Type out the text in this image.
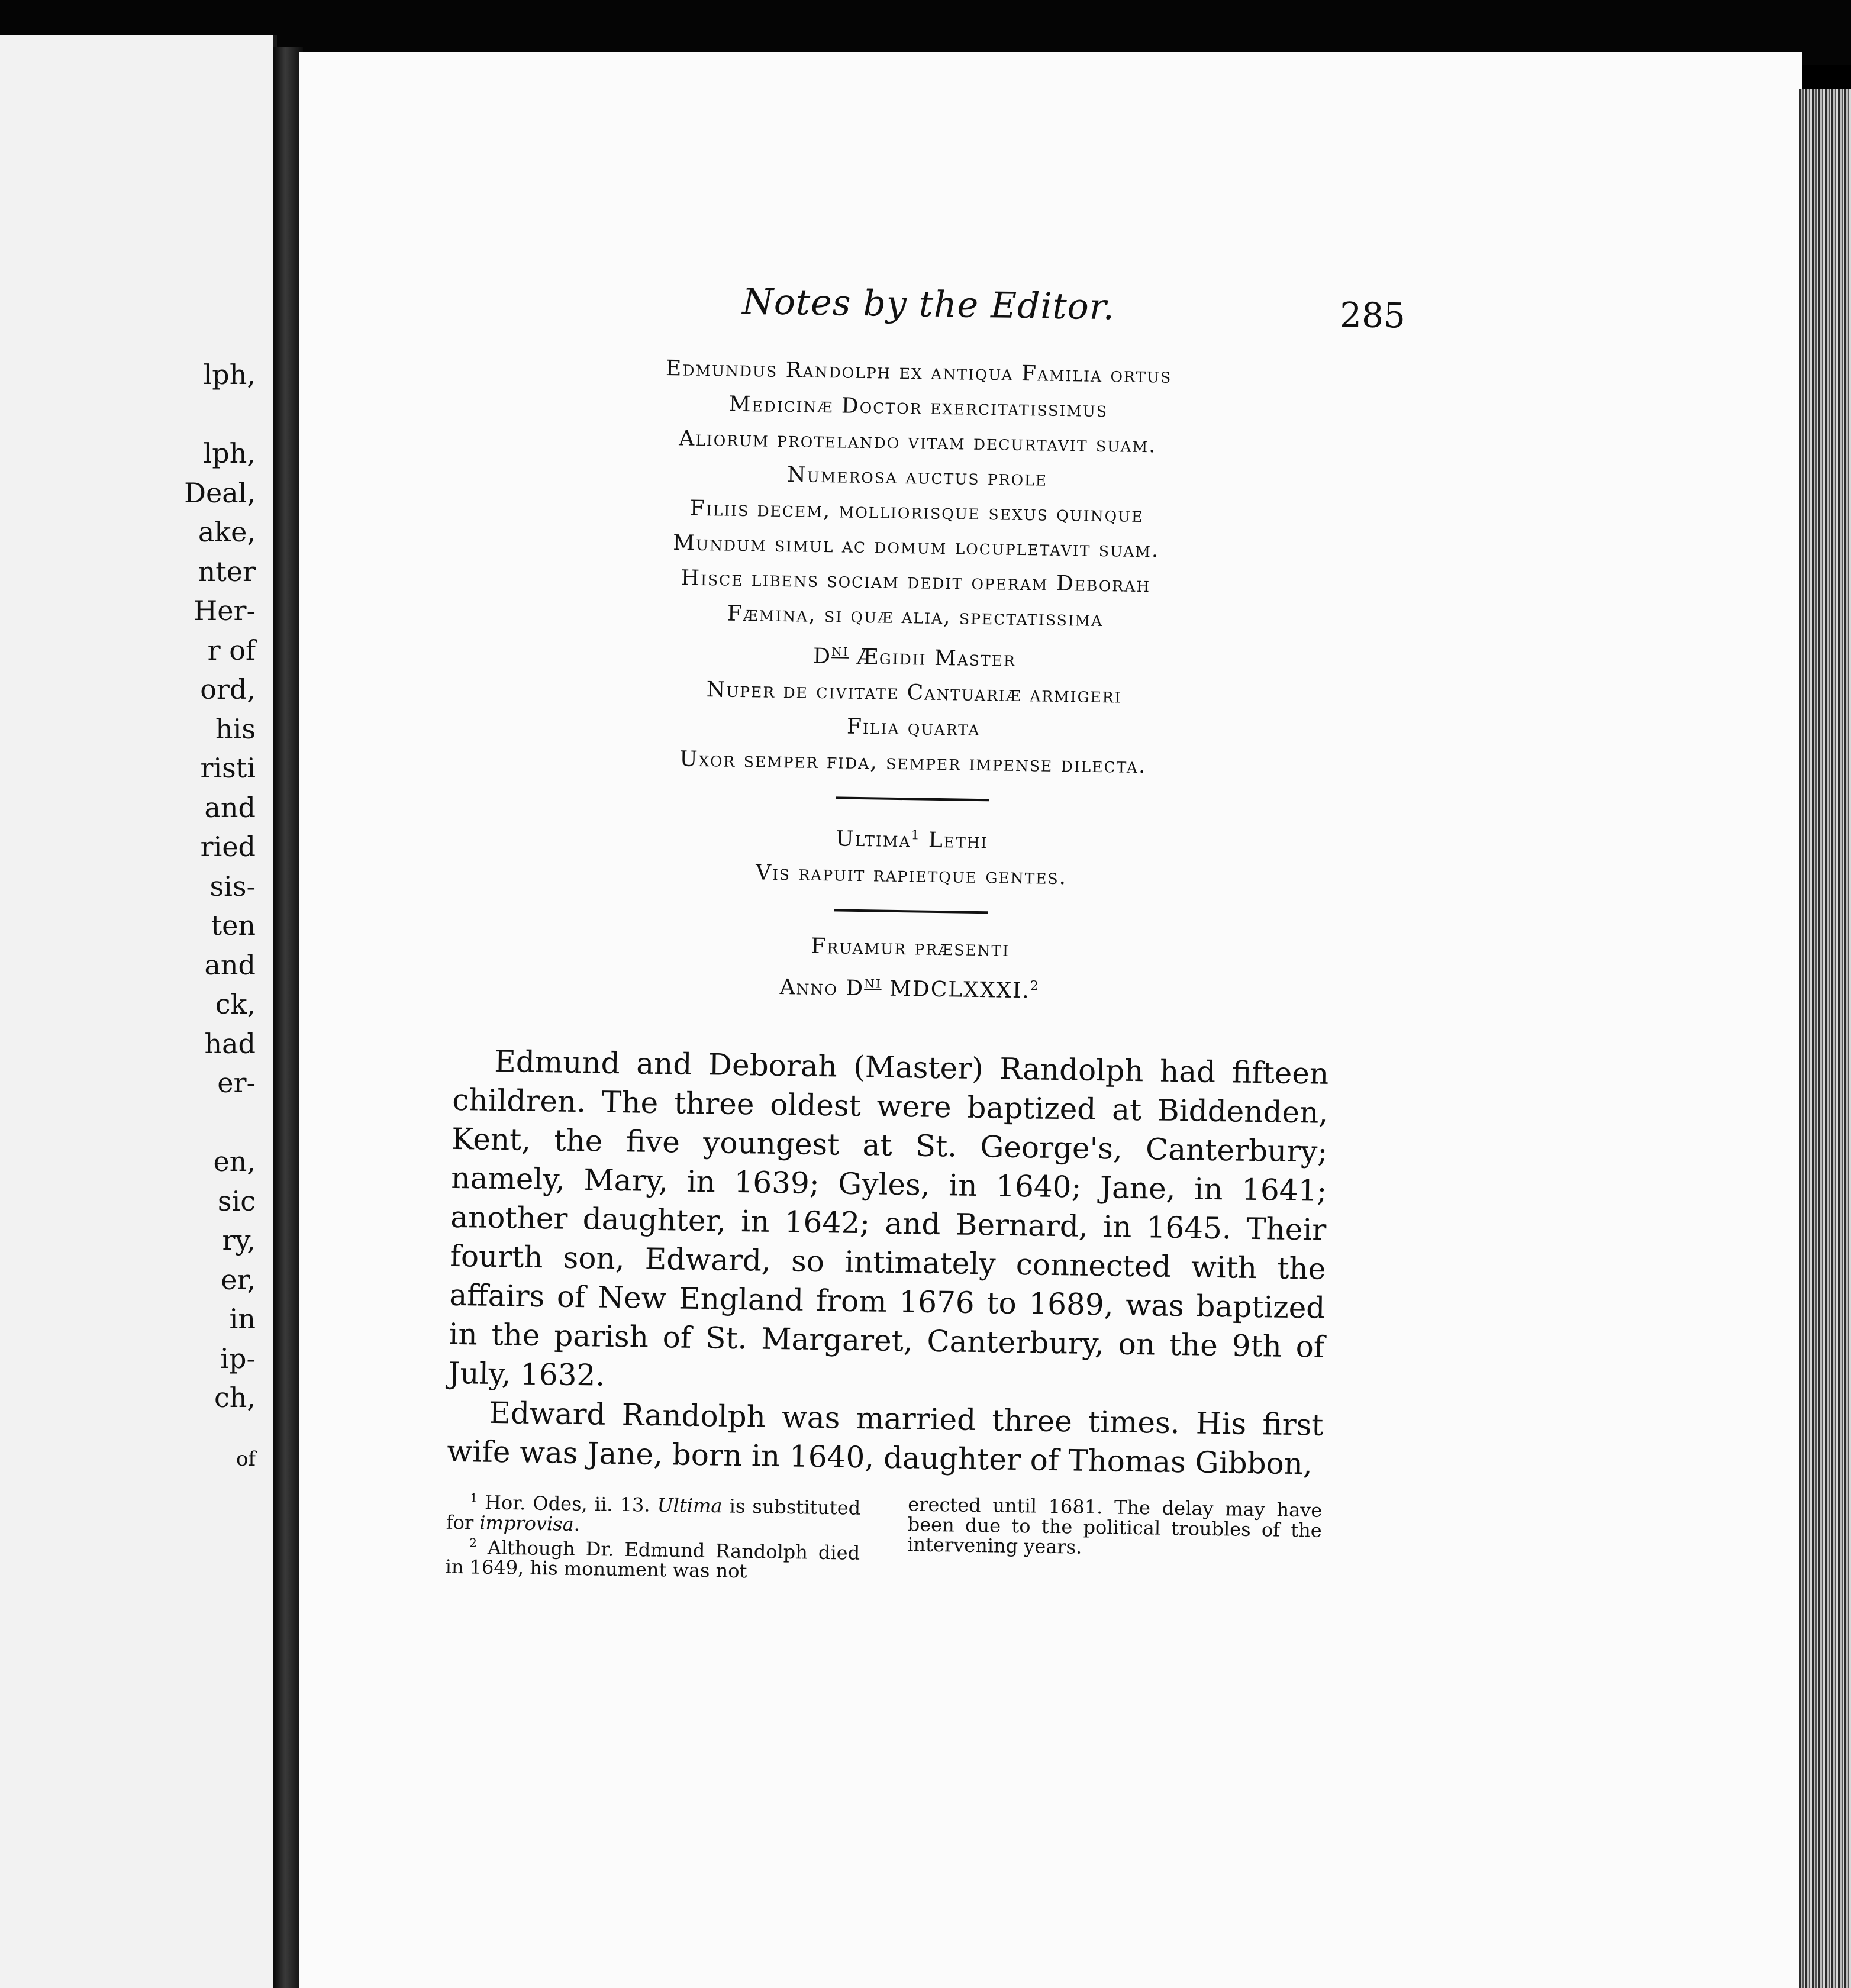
lph,

lph,
Deal,
ake,
nter
Her-
r of
ord,
his
risti
and
ried
sis-
ten
and
ck,
had
er-

en,
sic
ry,
er,
in
ip-
ch,
of
Notes by the Editor.	285
Edmundus Randolph ex antiqua Familia ortus
Medicinæ Doctor exercitatissimus
Aliorum protelando vitam decurtavit suam.
Numerosa auctus prole
Filiis decem, molliorisque sexus quinque
Mundum simul ac domum locupletavit suam.
Hisce libens sociam dedit operam Deborah
Fæmina, si quæ alia, spectatissima
$D^{ni}$ Ægidii Master
Nuper de civitate Cantuariæ armigeri
Filia quarta
Uxor semper fida, semper impense dilecta.
Ultima$^1$ Lethi
Vis rapuit rapietque gentes.
Fruamur præsenti
Anno $D^{ni}$ MDCLXXXI.$^2$

Edmund and Deborah (Master) Randolph had fifteen children. The three oldest were baptized at Biddenden, Kent, the five youngest at St. George's, Canterbury; namely, Mary, in 1639; Gyles, in 1640; Jane, in 1641; another daughter, in 1642; and Bernard, in 1645. Their fourth son, Edward, so intimately connected with the affairs of New England from 1676 to 1689, was baptized in the parish of St. Margaret, Canterbury, on the 9th of July, 1632.

Edward Randolph was married three times. His first wife was Jane, born in 1640, daughter of Thomas Gibbon,

$^1$ Hor. Odes, ii. 13. Ultima is substituted for improvisa.

$^2$ Although Dr. Edmund Randolph died in 1649, his monument was not

erected until 1681. The delay may have been due to the political troubles of the intervening years.
